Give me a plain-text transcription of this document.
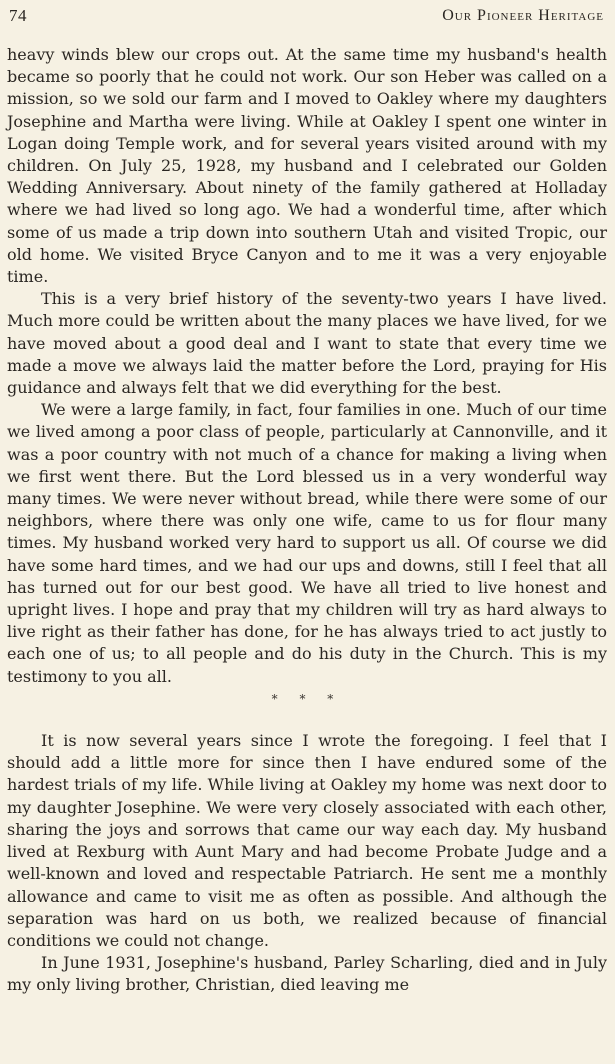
74	Our Pioneer Heritage

heavy winds blew our crops out. At the same time my husband's health became so poorly that he could not work. Our son Heber was called on a mission, so we sold our farm and I moved to Oakley where my daughters Josephine and Martha were living. While at Oakley I spent one winter in Logan doing Temple work, and for several years visited around with my children. On July 25, 1928, my husband and I celebrated our Golden Wedding Anniversary. About ninety of the family gathered at Holladay where we had lived so long ago. We had a wonderful time, after which some of us made a trip down into southern Utah and visited Tropic, our old home. We visited Bryce Canyon and to me it was a very enjoyable time.

This is a very brief history of the seventy-two years I have lived. Much more could be written about the many places we have lived, for we have moved about a good deal and I want to state that every time we made a move we always laid the matter before the Lord, praying for His guidance and always felt that we did everything for the best.

We were a large family, in fact, four families in one. Much of our time we lived among a poor class of people, particularly at Cannonville, and it was a poor country with not much of a chance for making a living when we first went there. But the Lord blessed us in a very wonderful way many times. We were never without bread, while there were some of our neighbors, where there was only one wife, came to us for flour many times. My husband worked very hard to support us all. Of course we did have some hard times, and we had our ups and downs, still I feel that all has turned out for our best good. We have all tried to live honest and upright lives. I hope and pray that my children will try as hard always to live right as their father has done, for he has always tried to act justly to each one of us; to all people and do his duty in the Church. This is my testimony to you all.

* * *

It is now several years since I wrote the foregoing. I feel that I should add a little more for since then I have endured some of the hardest trials of my life. While living at Oakley my home was next door to my daughter Josephine. We were very closely associated with each other, sharing the joys and sorrows that came our way each day. My husband lived at Rexburg with Aunt Mary and had become Probate Judge and a well-known and loved and respectable Patriarch. He sent me a monthly allowance and came to visit me as often as possible. And although the separation was hard on us both, we realized because of financial conditions we could not change.

In June 1931, Josephine's husband, Parley Scharling, died and in July my only living brother, Christian, died leaving me
